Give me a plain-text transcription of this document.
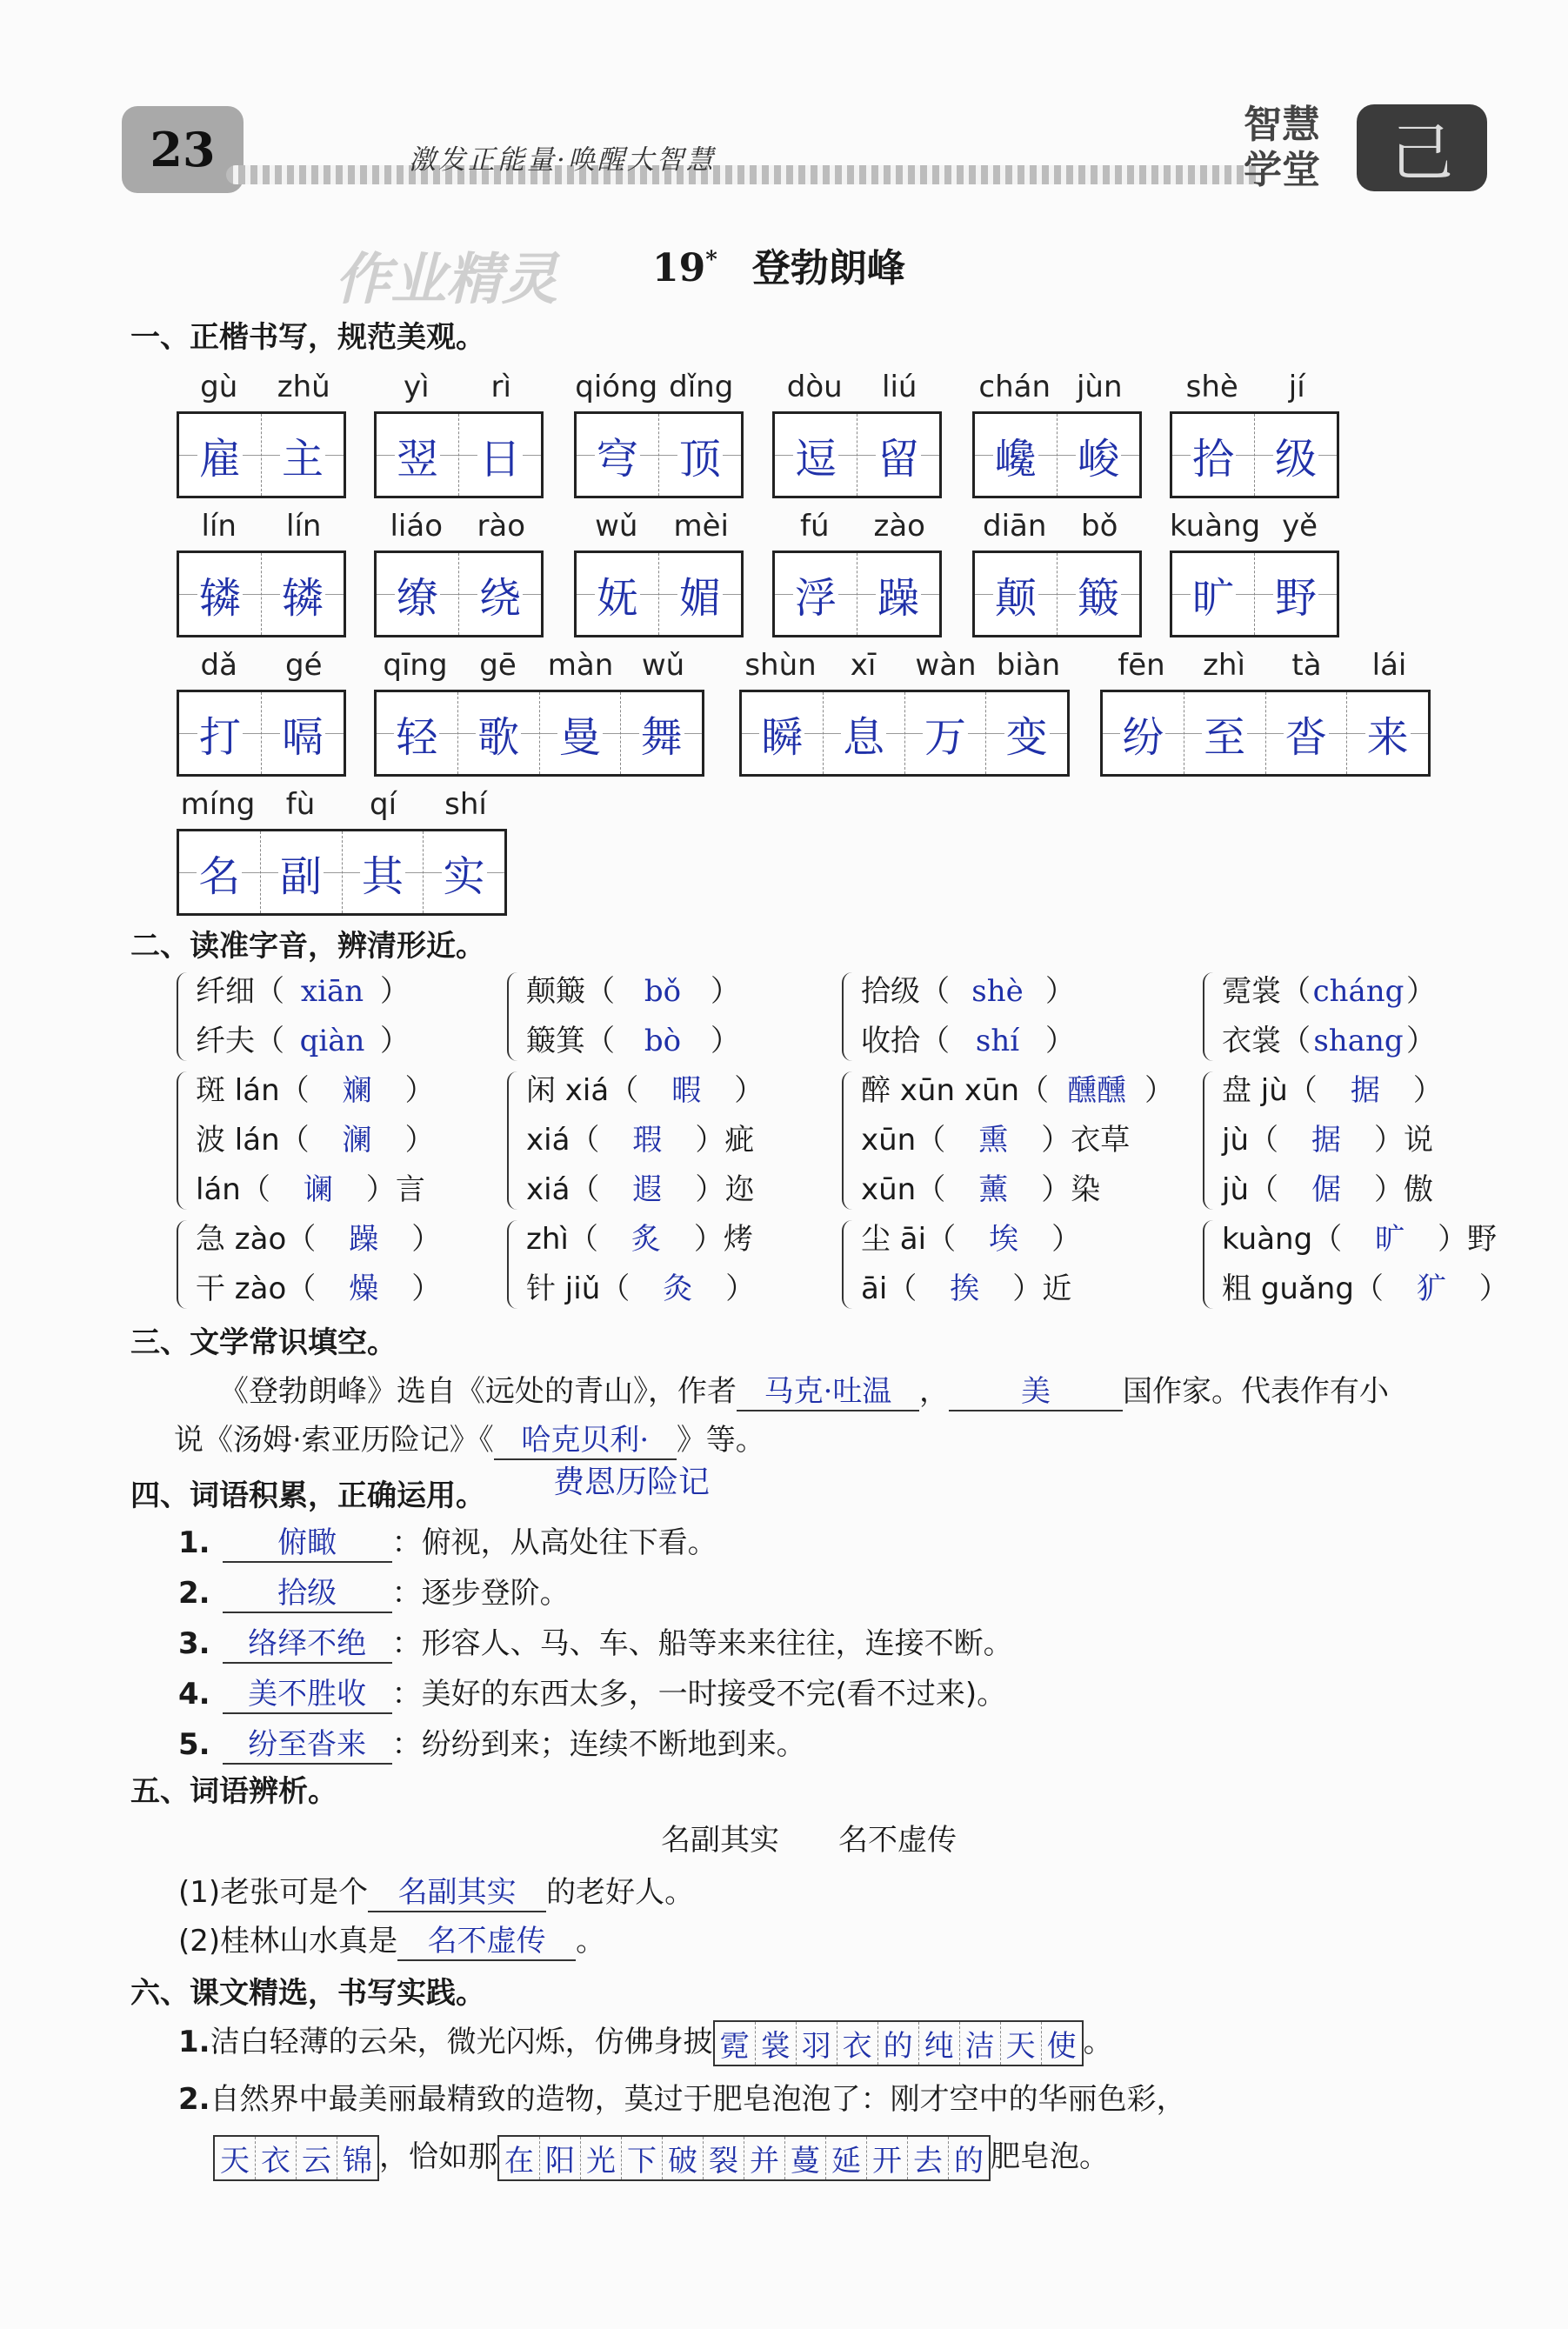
23	激发正能量·唤醒大智慧
智慧学堂	己
作业精灵 19* 登勃朗峰
一、正楷书写，规范美观。
gù	zhǔ
雇 主
yì	rì
翌 日
qióng dǐng
穹 顶
dòu	liú
逗 留
chán jùn
巉 峻
shè	jí
拾 级
lín	lín
辚 辚
liáo	rào
缭 绕
wǔ	mèi
妩 媚
fú	zào
浮 躁
diān	bǒ
颠 簸
kuàng yě
旷 野
dǎ	gé
打 嗝
qīng	gē	màn wǔ
轻 歌 曼 舞
shùn	xī	wàn biàn
瞬 息 万 变
fēn	zhì	tà	lái
纷 至 沓 来
míng	fù	qí	shí
名 副 其 实
二、读准字音，辨清形近。
纤细（ xiān ）
纤夫（ qiàn ）
斑 lán（ 斓 ）
波 lán（ 澜 ）
lán（ 谰 ）言
急 zào（ 躁 ）
干 zào（ 燥 ）
颠簸（ bǒ ）
簸箕（ bò ）
闲 xiá（ 暇 ）
xiá（ 瑕 ）疵
xiá（ 遐 ）迩
zhì（ 炙 ）烤
针 jiǔ（ 灸 ）
拾级（ shè ）
收拾（ shí ）
醉 xūn xūn（ 醺醺 ）
xūn（ 熏 ）衣草
xūn（ 薰 ）染
尘 āi（ 埃 ）
āi（ 挨 ）近
霓裳（cháng）
衣裳（shang）
盘 jù（ 据 ）
jù（ 据 ）说
jù（ 倨 ）傲
kuàng（ 旷 ）野
粗 guǎng（ 犷 ）
三、文学常识填空。
《登勃朗峰》选自《远处的青山》，作者 马克·吐温 ， 美 国作家。代表作有小
说《汤姆·索亚历险记》《 哈克贝利· 》等。
费恩历险记
四、词语积累，正确运用。
1. 俯瞰 ：俯视，从高处往下看。
2. 拾级 ：逐步登阶。
3. 络绎不绝 ：形容人、马、车、船等来来往往，连接不断。
4. 美不胜收 ：美好的东西太多，一时接受不完(看不过来)。
5. 纷至沓来 ：纷纷到来；连续不断地到来。
五、词语辨析。
名副其实　　名不虚传
(1)老张可是个 名副其实 的老好人。
(2)桂林山水真是 名不虚传 。
六、课文精选，书写实践。
1.洁白轻薄的云朵，微光闪烁，仿佛身披 霓 裳 羽 衣 的 纯 洁 天 使 。
2.自然界中最美丽最精致的造物，莫过于肥皂泡泡了：刚才空中的华丽色彩，
天 衣 云 锦 ，恰如那 在 阳 光 下 破 裂 并 蔓 延 开 去 的 肥皂泡。
